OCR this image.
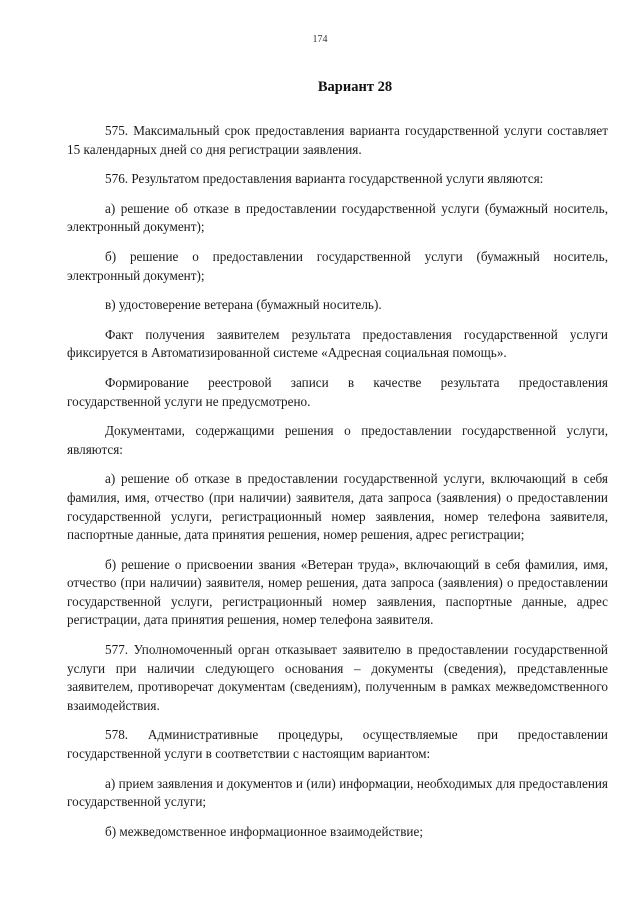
174
Вариант 28

575. Максимальный срок предоставления варианта государственной услуги составляет 15 календарных дней со дня регистрации заявления.

576. Результатом предоставления варианта государственной услуги являются:

а) решение об отказе в предоставлении государственной услуги (бумажный носитель, электронный документ);

б) решение о предоставлении государственной услуги (бумажный носитель, электронный документ);

в) удостоверение ветерана (бумажный носитель).

Факт получения заявителем результата предоставления государственной услуги фиксируется в Автоматизированной системе «Адресная социальная помощь».

Формирование реестровой записи в качестве результата предоставления государственной услуги не предусмотрено.

Документами, содержащими решения о предоставлении государственной услуги, являются:

а) решение об отказе в предоставлении государственной услуги, включающий в себя фамилия, имя, отчество (при наличии) заявителя, дата запроса (заявления) о предоставлении государственной услуги, регистрационный номер заявления, номер телефона заявителя, паспортные данные, дата принятия решения, номер решения, адрес регистрации;

б) решение о присвоении звания «Ветеран труда», включающий в себя фамилия, имя, отчество (при наличии) заявителя, номер решения, дата запроса (заявления) о предоставлении государственной услуги, регистрационный номер заявления, паспортные данные, адрес регистрации, дата принятия решения, номер телефона заявителя.

577. Уполномоченный орган отказывает заявителю в предоставлении государственной услуги при наличии следующего основания – документы (сведения), представленные заявителем, противоречат документам (сведениям), полученным в рамках межведомственного взаимодействия.

578. Административные процедуры, осуществляемые при предоставлении государственной услуги в соответствии с настоящим вариантом:

а) прием заявления и документов и (или) информации, необходимых для предоставления государственной услуги;

б) межведомственное информационное взаимодействие;
